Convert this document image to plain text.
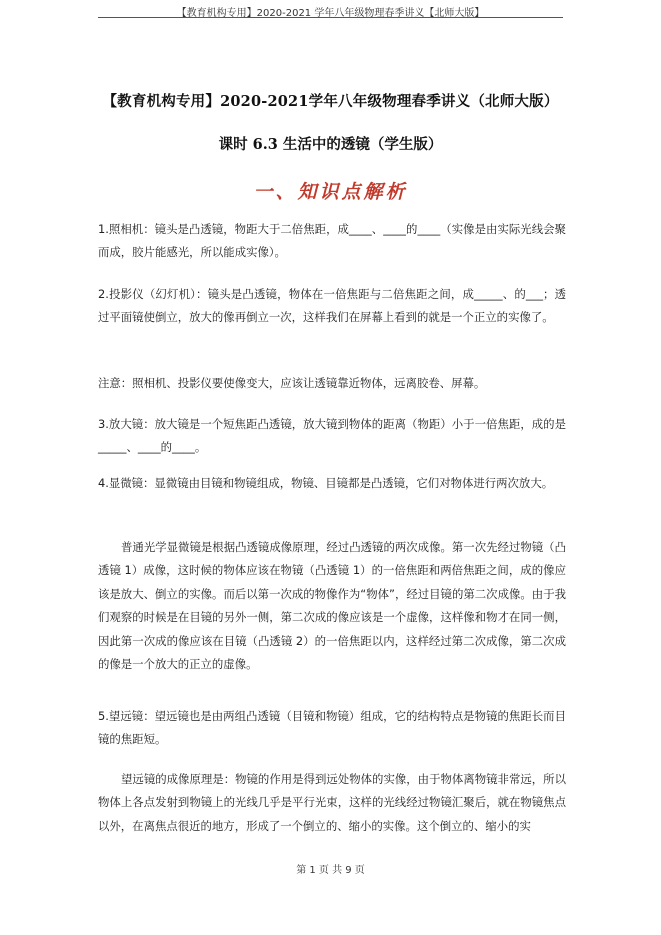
【教育机构专用】2020-2021 学年八年级物理春季讲义【北师大版】
【教育机构专用】2020-2021学年八年级物理春季讲义（北师大版）
课时 6.3 生活中的透镜（学生版）
一、知识点解析

1.照相机：镜头是凸透镜，物距大于二倍焦距，成____、____的____（实像是由实际光线会聚而成，胶片能感光，所以能成实像）。

2.投影仪（幻灯机）：镜头是凸透镜，物体在一倍焦距与二倍焦距之间，成_____、的___；透过平面镜使倒立，放大的像再倒立一次，这样我们在屏幕上看到的就是一个正立的实像了。

注意：照相机、投影仪要使像变大，应该让透镜靠近物体，远离胶卷、屏幕。

3.放大镜：放大镜是一个短焦距凸透镜，放大镜到物体的距离（物距）小于一倍焦距，成的是_____、____的____。

4.显微镜：显微镜由目镜和物镜组成，物镜、目镜都是凸透镜，它们对物体进行两次放大。

普通光学显微镜是根据凸透镜成像原理，经过凸透镜的两次成像。第一次先经过物镜（凸透镜 1）成像，这时候的物体应该在物镜（凸透镜 1）的一倍焦距和两倍焦距之间，成的像应该是放大、倒立的实像。而后以第一次成的物像作为“物体”，经过目镜的第二次成像。由于我们观察的时候是在目镜的另外一侧，第二次成的像应该是一个虚像，这样像和物才在同一侧，因此第一次成的像应该在目镜（凸透镜 2）的一倍焦距以内，这样经过第二次成像，第二次成的像是一个放大的正立的虚像。

5.望远镜：望远镜也是由两组凸透镜（目镜和物镜）组成，它的结构特点是物镜的焦距长而目镜的焦距短。

望远镜的成像原理是：物镜的作用是得到远处物体的实像，由于物体离物镜非常远，所以物体上各点发射到物镜上的光线几乎是平行光束，这样的光线经过物镜汇聚后，就在物镜焦点以外，在离焦点很近的地方，形成了一个倒立的、缩小的实像。这个倒立的、缩小的实

第 1 页 共 9 页
